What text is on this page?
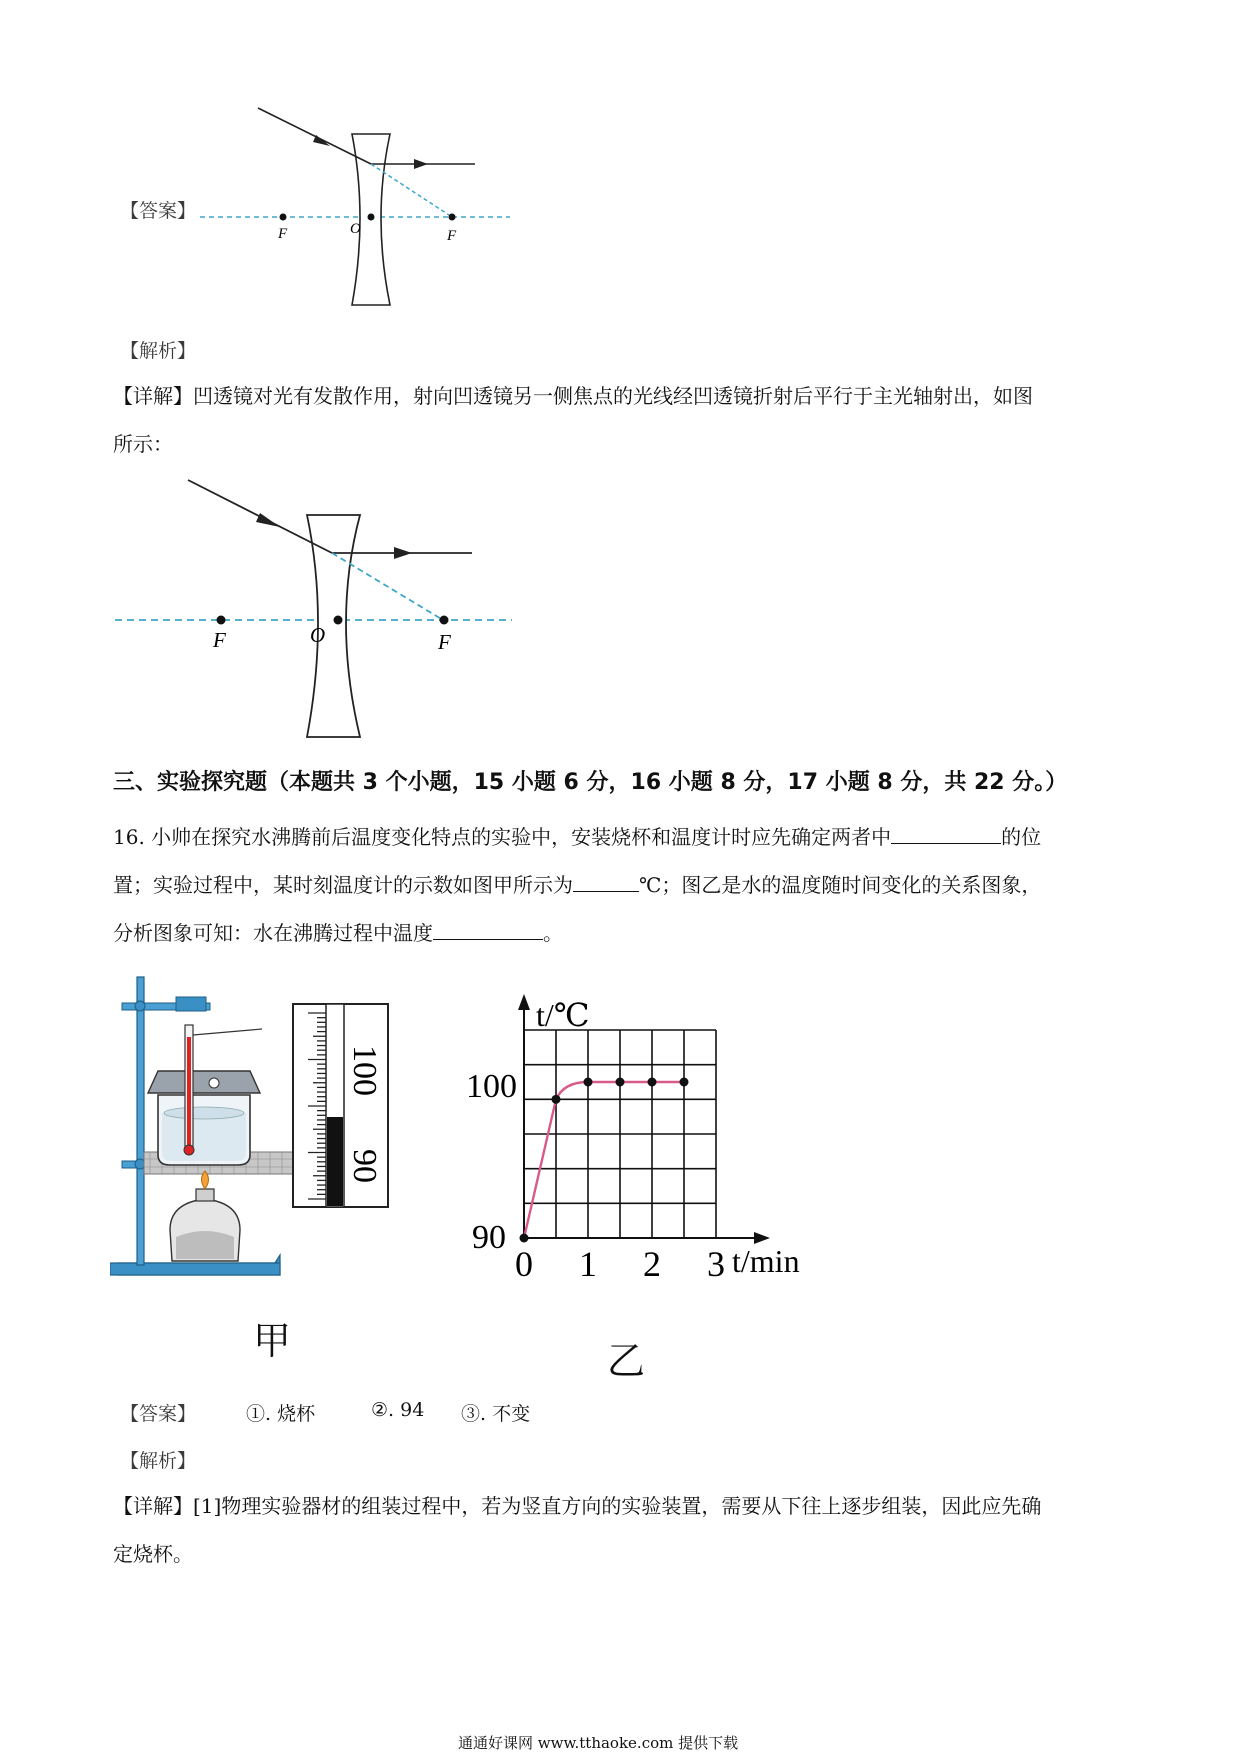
【答案】
F	O	F
【解析】
【详解】凹透镜对光有发散作用，射向凹透镜另一侧焦点的光线经凹透镜折射后平行于主光轴射出，如图
所示：
F	O	F
三、实验探究题（本题共 3 个小题，15 小题 6 分，16 小题 8 分，17 小题 8 分，共 22 分。）
16. 小帅在探究水沸腾前后温度变化特点的实验中，安装烧杯和温度计时应先确定两者中	的位
置；实验过程中，某时刻温度计的示数如图甲所示为	℃；图乙是水的温度随时间变化的关系图象，
分析图象可知：水在沸腾过程中温度	。
100
90
甲
0 1 2 3
t/℃
t/min
100
90
乙
【答案】	①. 烧杯	②. 94 ③. 不变
【解析】
【详解】[1]物理实验器材的组装过程中，若为竖直方向的实验装置，需要从下往上逐步组装，因此应先确
定烧杯。
通通好课网 www.tthaoke.com 提供下载
